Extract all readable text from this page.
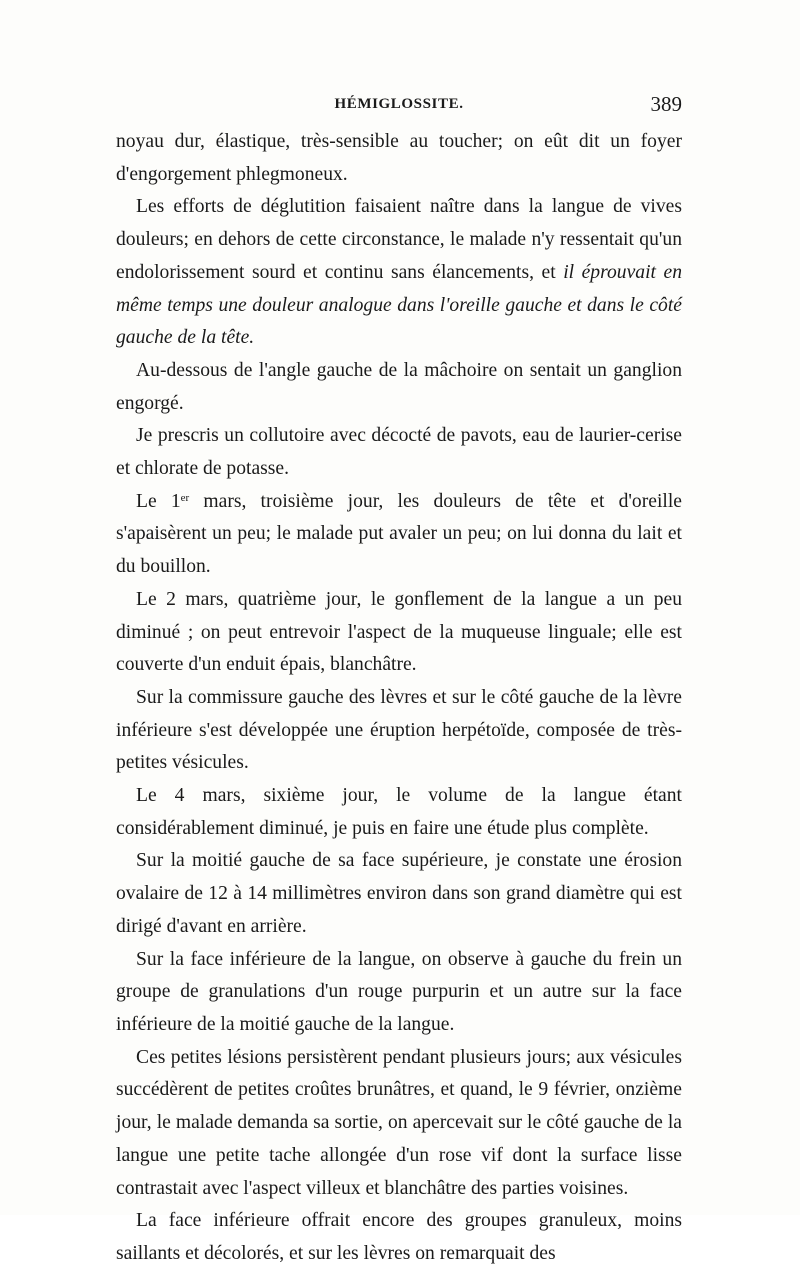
HÉMIGLOSSITE.	389

noyau dur, élastique, très-sensible au toucher; on eût dit un foyer d'engorgement phlegmoneux.

Les efforts de déglutition faisaient naître dans la langue de vives douleurs; en dehors de cette circonstance, le malade n'y ressentait qu'un endolorissement sourd et continu sans élancements, et il éprouvait en même temps une douleur analogue dans l'oreille gauche et dans le côté gauche de la tête.

Au-dessous de l'angle gauche de la mâchoire on sentait un ganglion engorgé.

Je prescris un collutoire avec décocté de pavots, eau de laurier-cerise et chlorate de potasse.

Le 1er mars, troisième jour, les douleurs de tête et d'oreille s'apaisèrent un peu; le malade put avaler un peu; on lui donna du lait et du bouillon.

Le 2 mars, quatrième jour, le gonflement de la langue a un peu diminué ; on peut entrevoir l'aspect de la muqueuse linguale; elle est couverte d'un enduit épais, blanchâtre.

Sur la commissure gauche des lèvres et sur le côté gauche de la lèvre inférieure s'est développée une éruption herpétoïde, composée de très-petites vésicules.

Le 4 mars, sixième jour, le volume de la langue étant considérablement diminué, je puis en faire une étude plus complète.

Sur la moitié gauche de sa face supérieure, je constate une érosion ovalaire de 12 à 14 millimètres environ dans son grand diamètre qui est dirigé d'avant en arrière.

Sur la face inférieure de la langue, on observe à gauche du frein un groupe de granulations d'un rouge purpurin et un autre sur la face inférieure de la moitié gauche de la langue.

Ces petites lésions persistèrent pendant plusieurs jours; aux vésicules succédèrent de petites croûtes brunâtres, et quand, le 9 février, onzième jour, le malade demanda sa sortie, on apercevait sur le côté gauche de la langue une petite tache allongée d'un rose vif dont la surface lisse contrastait avec l'aspect villeux et blanchâtre des parties voisines.

La face inférieure offrait encore des groupes granuleux, moins saillants et décolorés, et sur les lèvres on remarquait des
